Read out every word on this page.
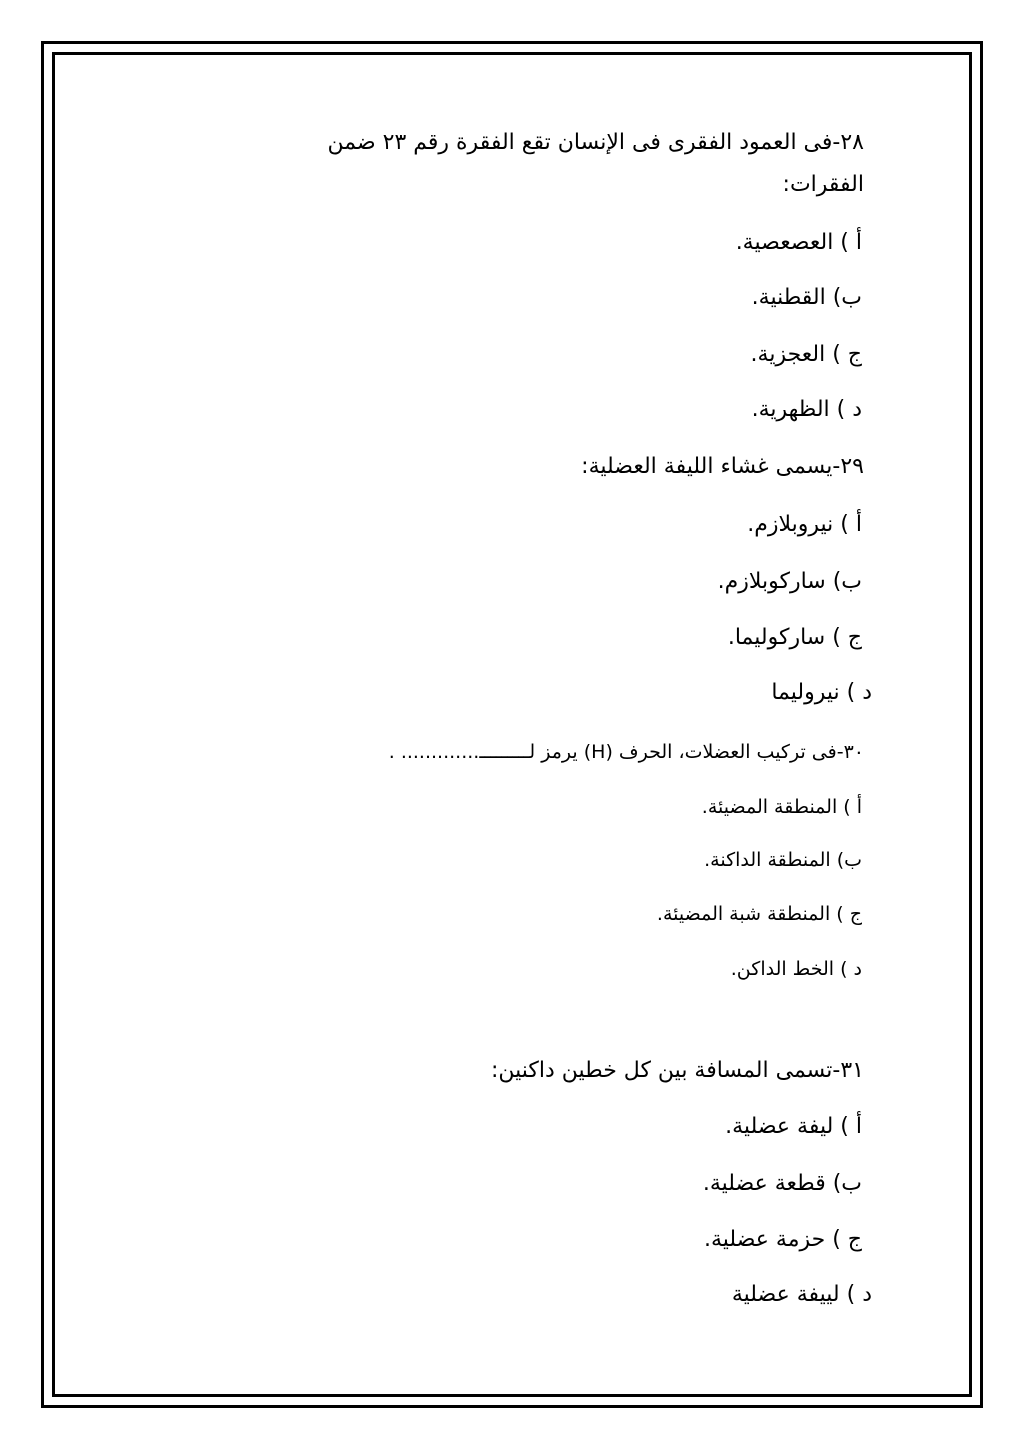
٢٨-فى العمود الفقرى فى الإنسان تقع الفقرة رقم ٢٣ ضمن
الفقرات:
أ ) العصعصية.
ب) القطنية.
ج ) العجزية.
د ) الظهرية.
٢٩-يسمى غشاء الليفة العضلية:
أ ) نيروبلازم.
ب) ساركوبلازم.
ج ) ساركوليما.
د ) نيروليما
٣٠-فى تركيب العضلات، الحرف (H) يرمز لـــــــــ............. .
أ ) المنطقة المضيئة.
ب) المنطقة الداكنة.
ج ) المنطقة شبة المضيئة.
د ) الخط الداكن.
٣١-تسمى المسافة بين كل خطين داكنين:
أ ) ليفة عضلية.
ب) قطعة عضلية.
ج ) حزمة عضلية.
د ) لييفة عضلية
